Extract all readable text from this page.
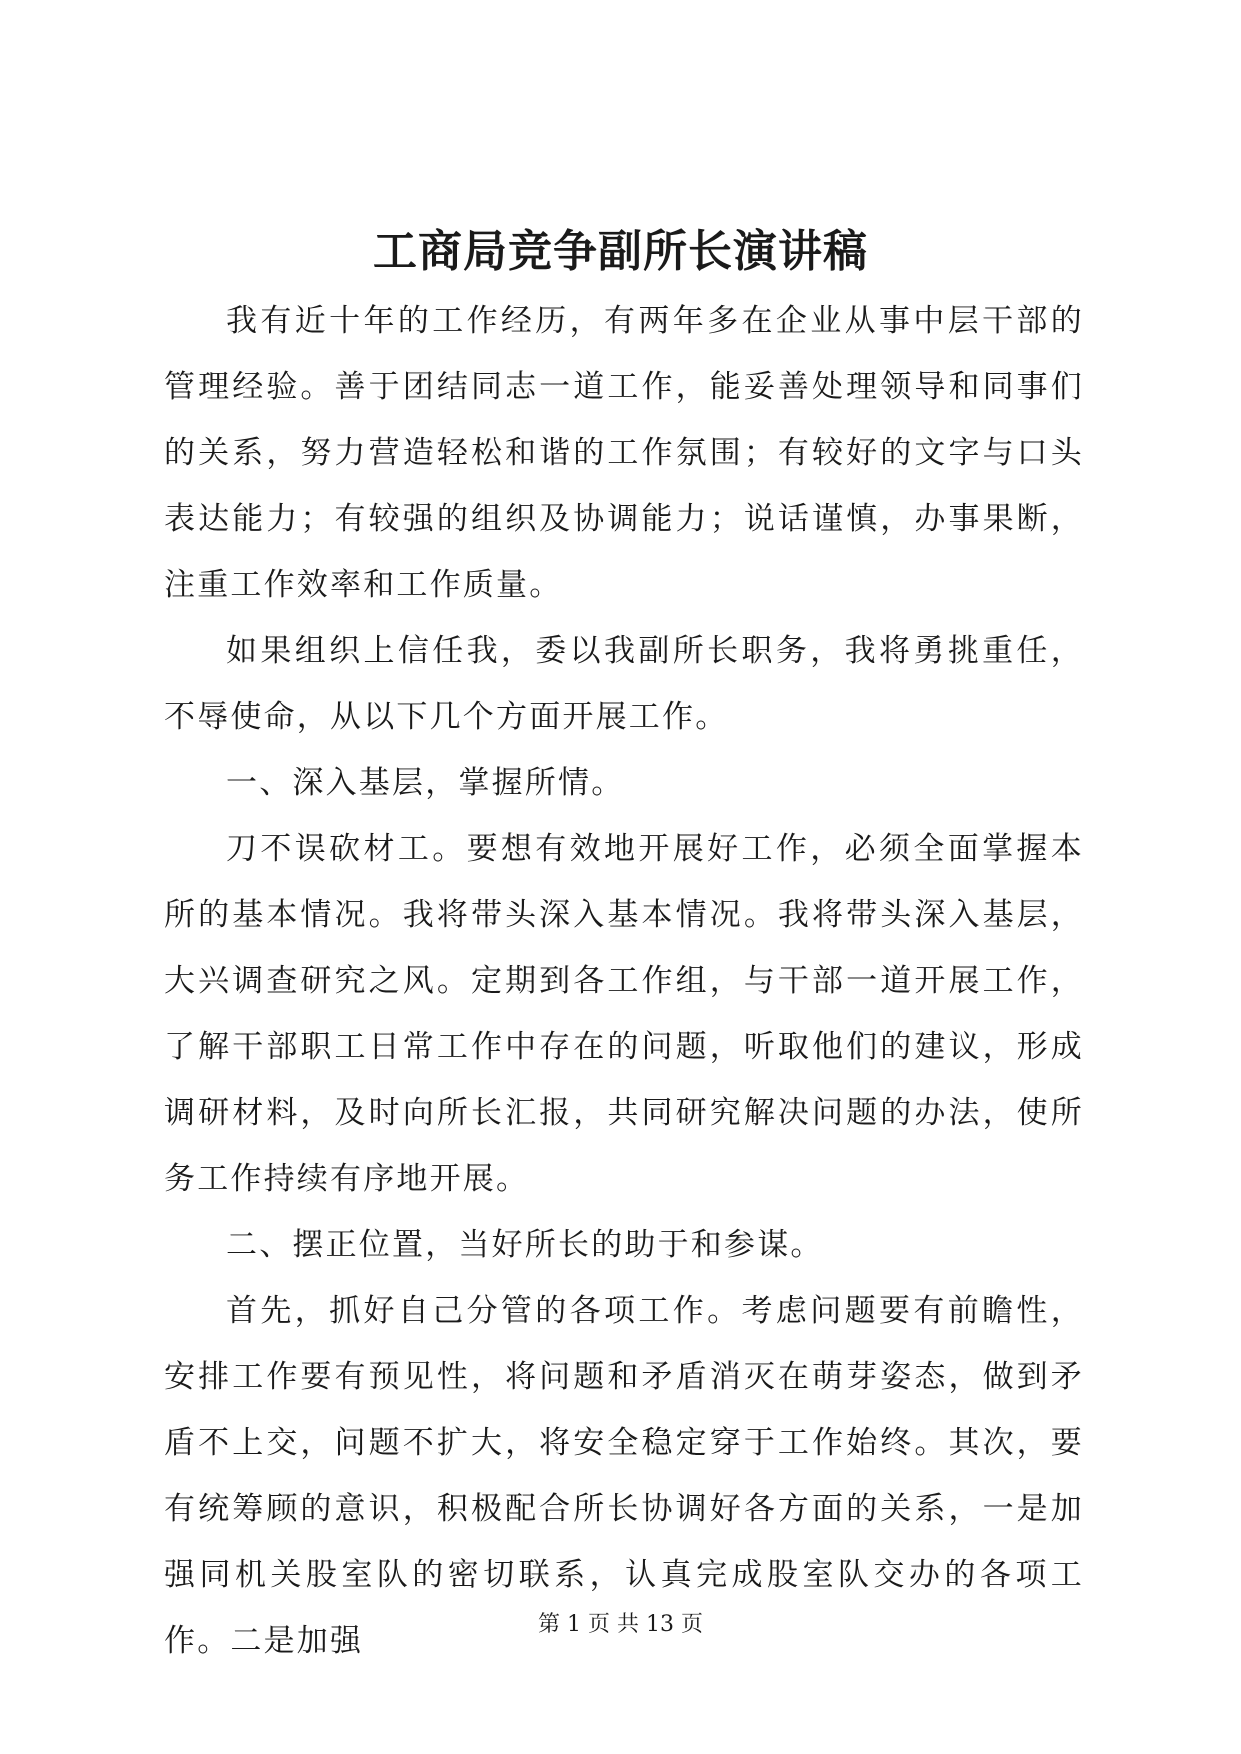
工商局竞争副所长演讲稿

我有近十年的工作经历，有两年多在企业从事中层干部的管理经验。善于团结同志一道工作，能妥善处理领导和同事们的关系，努力营造轻松和谐的工作氛围；有较好的文字与口头表达能力；有较强的组织及协调能力；说话谨慎，办事果断，注重工作效率和工作质量。

如果组织上信任我，委以我副所长职务，我将勇挑重任，不辱使命，从以下几个方面开展工作。

一、深入基层，掌握所情。

刀不误砍材工。要想有效地开展好工作，必须全面掌握本所的基本情况。我将带头深入基本情况。我将带头深入基层，大兴调查研究之风。定期到各工作组，与干部一道开展工作，了解干部职工日常工作中存在的问题，听取他们的建议，形成调研材料，及时向所长汇报，共同研究解决问题的办法，使所务工作持续有序地开展。

二、摆正位置，当好所长的助于和参谋。

首先，抓好自己分管的各项工作。考虑问题要有前瞻性，安排工作要有预见性，将问题和矛盾消灭在萌芽姿态，做到矛盾不上交，问题不扩大，将安全稳定穿于工作始终。其次，要有统筹顾的意识，积极配合所长协调好各方面的关系，一是加强同机关股室队的密切联系，认真完成股室队交办的各项工作。二是加强	第 1 页 共 13 页
